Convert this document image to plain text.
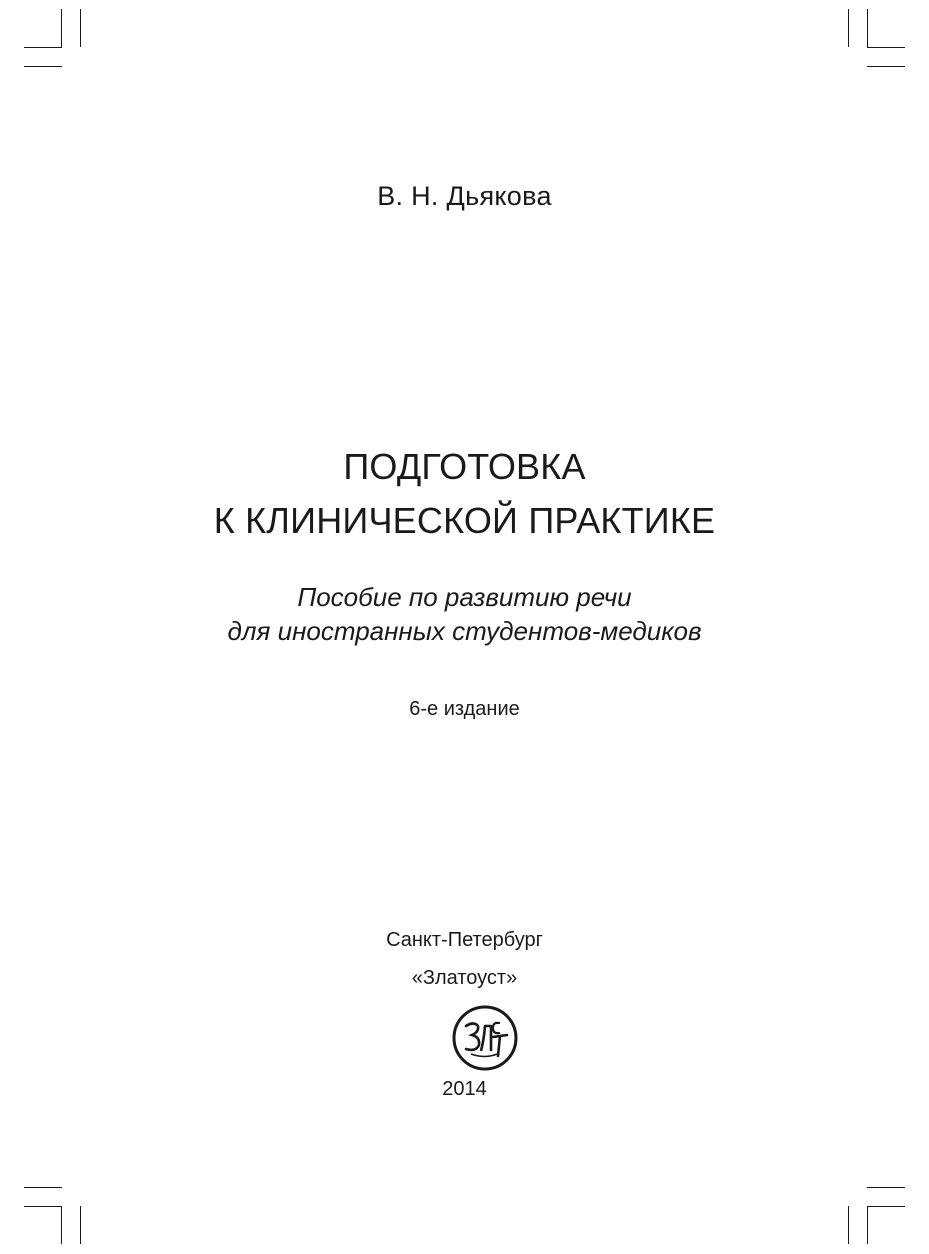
В. Н. Дьякова
ПОДГОТОВКА
К КЛИНИЧЕСКОЙ ПРАКТИКЕ
Пособие по развитию речи
для иностранных студентов-медиков
6-е издание
Санкт-Петербург
«Златоуст»
2014
